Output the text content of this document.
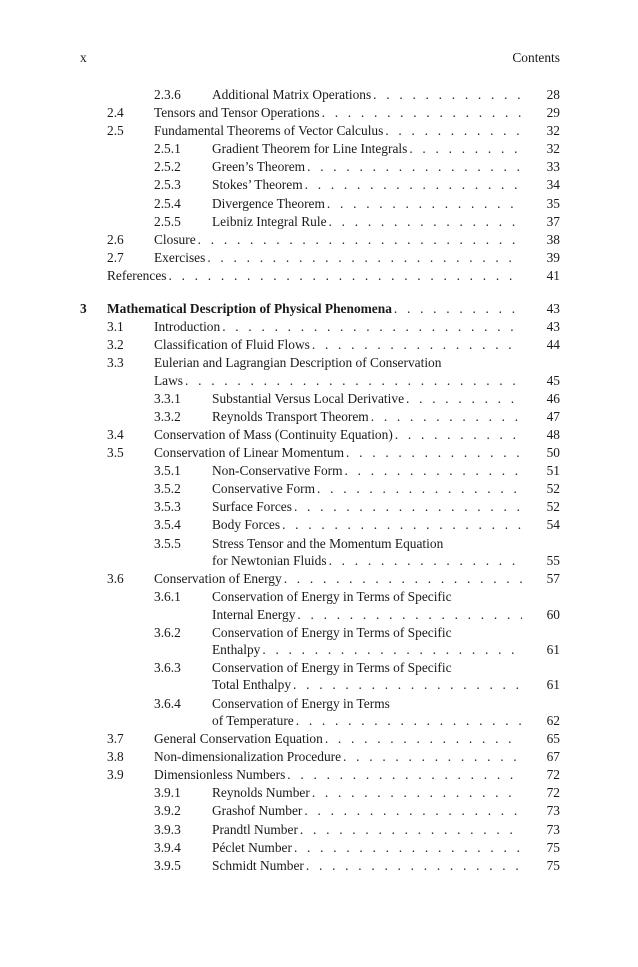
x	Contents
2.3.6 Additional Matrix Operations . . .	28
2.4 Tensors and Tensor Operations . . .	29
2.5 Fundamental Theorems of Vector Calculus . . .	32
2.5.1 Gradient Theorem for Line Integrals . . .	32
2.5.2 Green’s Theorem . . .	33
2.5.3 Stokes’ Theorem . . .	34
2.5.4 Divergence Theorem . . .	35
2.5.5 Leibniz Integral Rule . . .	37
2.6 Closure . . .	38
2.7 Exercises . . .	39
References . . .	41
3 Mathematical Description of Physical Phenomena . . .	43
3.1 Introduction . . .	43
3.2 Classification of Fluid Flows . . .	44
3.3 Eulerian and Lagrangian Description of Conservation
Laws . . .	45
3.3.1 Substantial Versus Local Derivative . . .	46
3.3.2 Reynolds Transport Theorem . . .	47
3.4 Conservation of Mass (Continuity Equation) . . .	48
3.5 Conservation of Linear Momentum . . .	50
3.5.1 Non-Conservative Form . . .	51
3.5.2 Conservative Form . . .	52
3.5.3 Surface Forces . . .	52
3.5.4 Body Forces . . .	54
3.5.5 Stress Tensor and the Momentum Equation
for Newtonian Fluids . . .	55
3.6 Conservation of Energy . . .	57
3.6.1 Conservation of Energy in Terms of Specific
Internal Energy . . .	60
3.6.2 Conservation of Energy in Terms of Specific
Enthalpy . . .	61
3.6.3 Conservation of Energy in Terms of Specific
Total Enthalpy . . .	61
3.6.4 Conservation of Energy in Terms
of Temperature . . .	62
3.7 General Conservation Equation . . .	65
3.8 Non-dimensionalization Procedure . . .	67
3.9 Dimensionless Numbers . . .	72
3.9.1 Reynolds Number . . .	72
3.9.2 Grashof Number . . .	73
3.9.3 Prandtl Number . . .	73
3.9.4 Péclet Number . . .	75
3.9.5 Schmidt Number . . .	75
